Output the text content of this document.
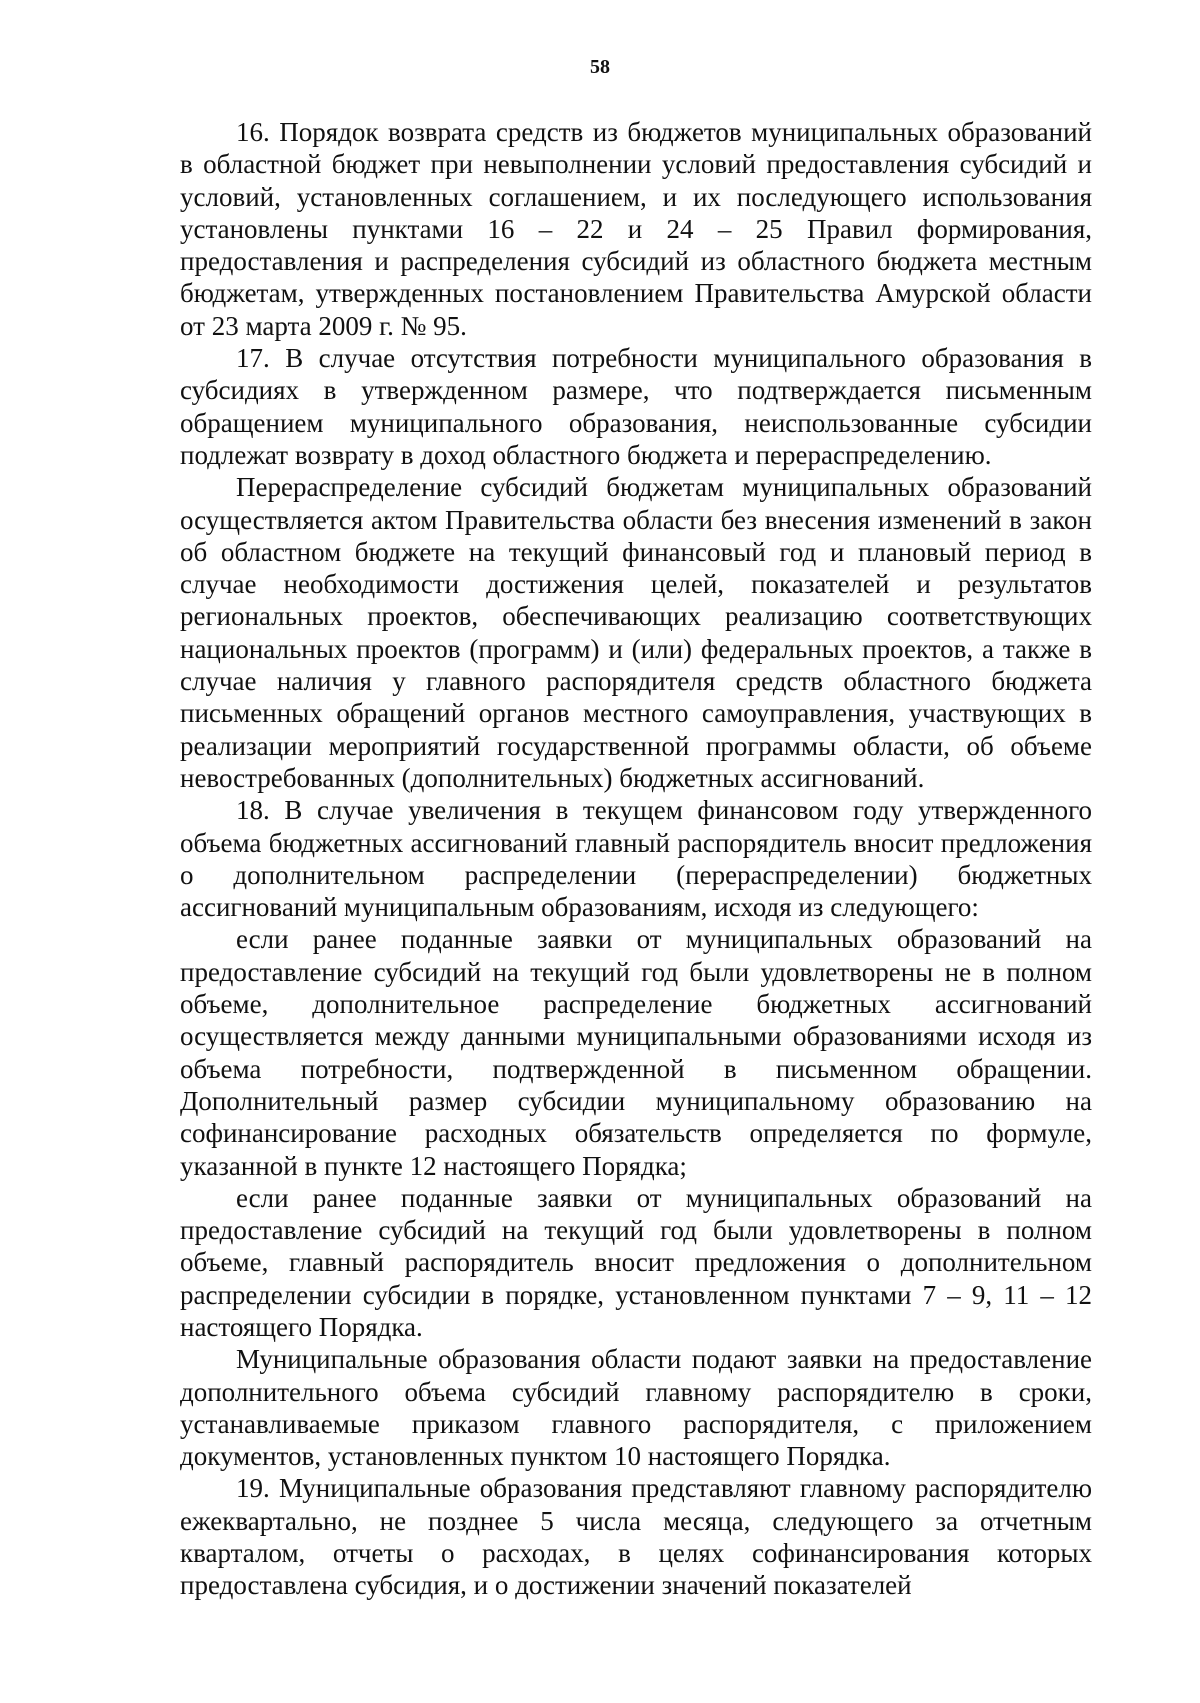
58

16. Порядок возврата средств из бюджетов муниципальных образований в областной бюджет при невыполнении условий предоставления субсидий и условий, установленных соглашением, и их последующего использования установлены пунктами 16 – 22 и 24 – 25 Правил формирования, предоставления и распределения субсидий из областного бюджета местным бюджетам, утвержденных постановлением Правительства Амурской области от 23 марта 2009 г. № 95.

17. В случае отсутствия потребности муниципального образования в субсидиях в утвержденном размере, что подтверждается письменным обращением муниципального образования, неиспользованные субсидии подлежат возврату в доход областного бюджета и перераспределению.

Перераспределение субсидий бюджетам муниципальных образований осуществляется актом Правительства области без внесения изменений в закон об областном бюджете на текущий финансовый год и плановый период в случае необходимости достижения целей, показателей и результатов региональных проектов, обеспечивающих реализацию соответствующих национальных проектов (программ) и (или) федеральных проектов, а также в случае наличия у главного распорядителя средств областного бюджета письменных обращений органов местного самоуправления, участвующих в реализации мероприятий государственной программы области, об объеме невостребованных (дополнительных) бюджетных ассигнований.

18. В случае увеличения в текущем финансовом году утвержденного объема бюджетных ассигнований главный распорядитель вносит предложения о дополнительном распределении (перераспределении) бюджетных ассигнований муниципальным образованиям, исходя из следующего:

если ранее поданные заявки от муниципальных образований на предоставление субсидий на текущий год были удовлетворены не в полном объеме, дополнительное распределение бюджетных ассигнований осуществляется между данными муниципальными образованиями исходя из объема потребности, подтвержденной в письменном обращении. Дополнительный размер субсидии муниципальному образованию на софинансирование расходных обязательств определяется по формуле, указанной в пункте 12 настоящего Порядка;

если ранее поданные заявки от муниципальных образований на предоставление субсидий на текущий год были удовлетворены в полном объеме, главный распорядитель вносит предложения о дополнительном распределении субсидии в порядке, установленном пунктами 7 – 9, 11 – 12 настоящего Порядка.

Муниципальные образования области подают заявки на предоставление дополнительного объема субсидий главному распорядителю в сроки, устанавливаемые приказом главного распорядителя, с приложением документов, установленных пунктом 10 настоящего Порядка.

19. Муниципальные образования представляют главному распорядителю ежеквартально, не позднее 5 числа месяца, следующего за отчетным кварталом, отчеты о расходах, в целях софинансирования которых предоставлена субсидия, и о достижении значений показателей
